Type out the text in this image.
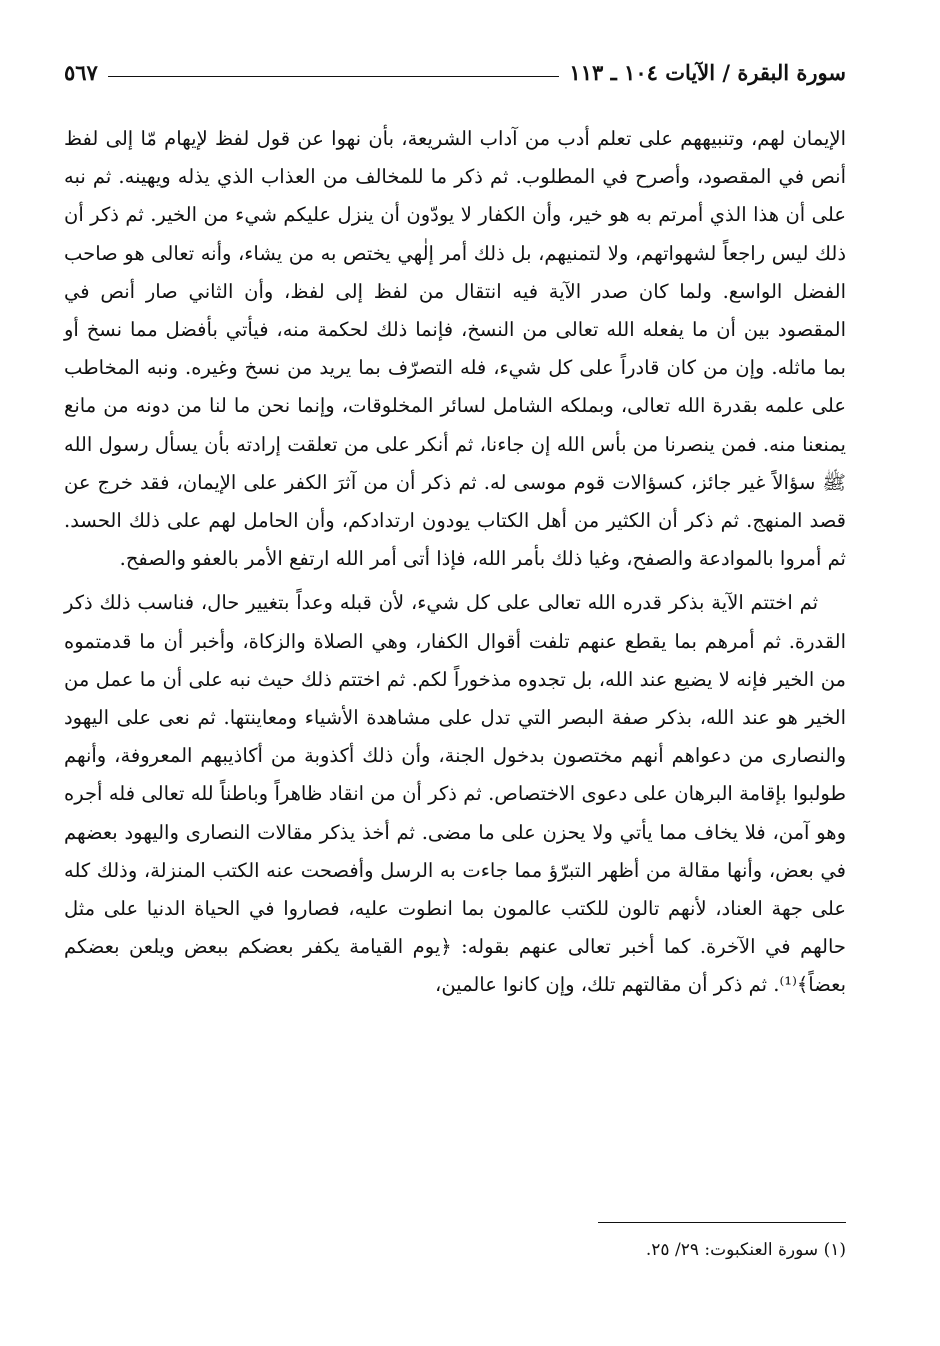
سورة البقرة / الآيات ١٠٤ ـ ١١٣
٥٦٧

الإيمان لهم، وتنبيههم على تعلم أدب من آداب الشريعة، بأن نهوا عن قول لفظ لإيهام مّا إلى لفظ أنص في المقصود، وأصرح في المطلوب. ثم ذكر ما للمخالف من العذاب الذي يذله ويهينه. ثم نبه على أن هذا الذي أمرتم به هو خير، وأن الكفار لا يودّون أن ينزل عليكم شيء من الخير. ثم ذكر أن ذلك ليس راجعاً لشهواتهم، ولا لتمنيهم، بل ذلك أمر إلٰهي يختص به من يشاء، وأنه تعالى هو صاحب الفضل الواسع. ولما كان صدر الآية فيه انتقال من لفظ إلى لفظ، وأن الثاني صار أنص في المقصود بين أن ما يفعله الله تعالى من النسخ، فإنما ذلك لحكمة منه، فيأتي بأفضل مما نسخ أو بما ماثله. وإن من كان قادراً على كل شيء، فله التصرّف بما يريد من نسخ وغيره. ونبه المخاطب على علمه بقدرة الله تعالى، وبملكه الشامل لسائر المخلوقات، وإنما نحن ما لنا من دونه من مانع يمنعنا منه. فمن ينصرنا من بأس الله إن جاءنا، ثم أنكر على من تعلقت إرادته بأن يسأل رسول الله ﷺ سؤالاً غير جائز، كسؤالات قوم موسى له. ثم ذكر أن من آثرَ الكفر على الإيمان، فقد خرج عن قصد المنهج. ثم ذكر أن الكثير من أهل الكتاب يودون ارتدادكم، وأن الحامل لهم على ذلك الحسد. ثم أمروا بالموادعة والصفح، وغيا ذلك بأمر الله، فإذا أتى أمر الله ارتفع الأمر بالعفو والصفح.

ثم اختتم الآية بذكر قدره الله تعالى على كل شيء، لأن قبله وعداً بتغيير حال، فناسب ذلك ذكر القدرة. ثم أمرهم بما يقطع عنهم تلفت أقوال الكفار، وهي الصلاة والزكاة، وأخبر أن ما قدمتموه من الخير فإنه لا يضيع عند الله، بل تجدوه مذخوراً لكم. ثم اختتم ذلك حيث نبه على أن ما عمل من الخير هو عند الله، بذكر صفة البصر التي تدل على مشاهدة الأشياء ومعاينتها. ثم نعى على اليهود والنصارى من دعواهم أنهم مختصون بدخول الجنة، وأن ذلك أكذوبة من أكاذيبهم المعروفة، وأنهم طولبوا بإقامة البرهان على دعوى الاختصاص. ثم ذكر أن من انقاد ظاهراً وباطناً لله تعالى فله أجره وهو آمن، فلا يخاف مما يأتي ولا يحزن على ما مضى. ثم أخذ يذكر مقالات النصارى واليهود بعضهم في بعض، وأنها مقالة من أظهر التبرّؤ مما جاءت به الرسل وأفصحت عنه الكتب المنزلة، وذلك كله على جهة العناد، لأنهم تالون للكتب عالمون بما انطوت عليه، فصاروا في الحياة الدنيا على مثل حالهم في الآخرة. كما أخبر تعالى عنهم بقوله: ﴿يوم القيامة يكفر بعضكم ببعض ويلعن بعضكم بعضاً﴾⁽¹⁾. ثم ذكر أن مقالتهم تلك، وإن كانوا عالمين،

(١) سورة العنكبوت: ٢٩/ ٢٥.
